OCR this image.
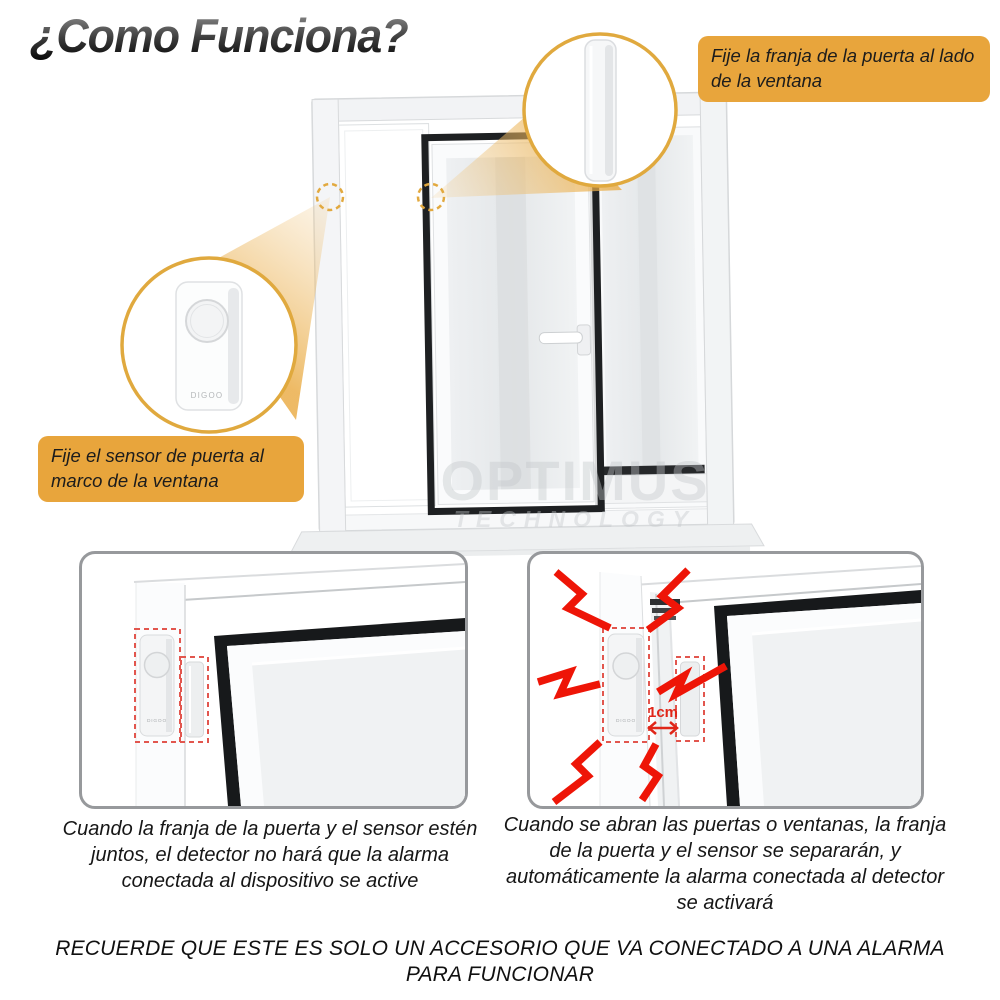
¿Como Funciona?
OPTIMUS
TECHNOLOGY
DIGOO
Fije la franja de la puerta al lado de la ventana
Fije el sensor de puerta al marco de la ventana
DIGOO	DIGOO
1cm
Cuando la franja de la puerta y el sensor estén juntos, el detector no hará que la alarma conectada al dispositivo se active
Cuando se abran las puertas o ventanas, la franja de la puerta y el sensor se separarán, y automáticamente la alarma conectada al detector se activará
RECUERDE QUE ESTE ES SOLO UN ACCESORIO QUE VA CONECTADO A UNA ALARMA PARA FUNCIONAR
